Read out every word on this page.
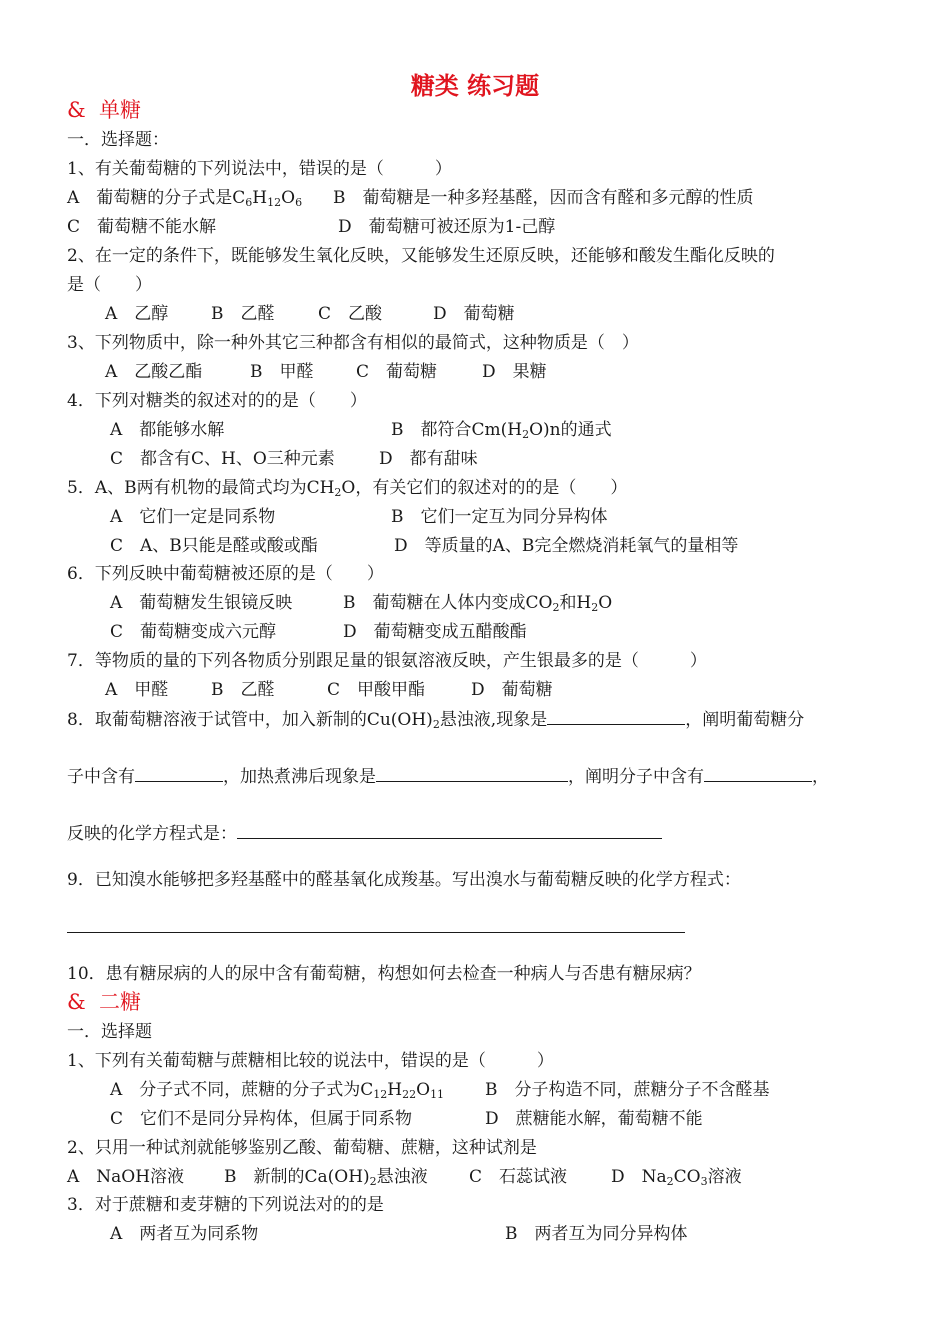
糖类 练习题
& 单糖
一．选择题：
1、有关葡萄糖的下列说法中，错误的是（　　　）
A　葡萄糖的分子式是$C_6H_{12}O_6$ B　葡萄糖是一种多羟基醛，因而含有醛和多元醇的性质
C　葡萄糖不能水解	D　葡萄糖可被还原为1-己醇
2、在一定的条件下，既能够发生氧化反映，又能够发生还原反映，还能够和酸发生酯化反映的
是（　　）
A　乙醇	B　乙醛	C　乙酸	D　葡萄糖
3、下列物质中，除一种外其它三种都含有相似的最简式，这种物质是（　）
A　乙酸乙酯	B　甲醛	C　葡萄糖	D　果糖
4．下列对糖类的叙述对的的是（　　）
A　都能够水解	B　都符合$Cm(H_2O)n$的通式
C　都含有C、H、O三种元素	D　都有甜味
5．A、B两有机物的最简式均为$CH_2O$，有关它们的叙述对的的是（　　）
A　它们一定是同系物	B　它们一定互为同分异构体
C　A、B只能是醛或酸或酯	D　等质量的A、B完全燃烧消耗氧气的量相等
6．下列反映中葡萄糖被还原的是（　　）
A　葡萄糖发生银镜反映	B　葡萄糖在人体内变成$CO_2$和$H_2O$
C　葡萄糖变成六元醇	D　葡萄糖变成五醋酸酯
7．等物质的量的下列各物质分别跟足量的银氨溶液反映，产生银最多的是（　　　）
A　甲醛	B　乙醛	C　甲酸甲酯	D　葡萄糖
8．取葡萄糖溶液于试管中，加入新制的$Cu(OH)_2$悬浊液,现象是	，阐明葡萄糖分
子中含有	，加热煮沸后现象是	，阐明分子中含有	，
反映的化学方程式是：
9．已知溴水能够把多羟基醛中的醛基氧化成羧基。写出溴水与葡萄糖反映的化学方程式：
10．患有糖尿病的人的尿中含有葡萄糖，构想如何去检查一种病人与否患有糖尿病？
& 二糖
一．选择题
1、下列有关葡萄糖与蔗糖相比较的说法中，错误的是（　　　）
A　分子式不同，蔗糖的分子式为$C_{12}H_{22}O_{11}$ B　分子构造不同，蔗糖分子不含醛基
C　它们不是同分异构体，但属于同系物	D　蔗糖能水解，葡萄糖不能
2、只用一种试剂就能够鉴别乙酸、葡萄糖、蔗糖，这种试剂是
A　NaOH溶液 B　新制的$Ca(OH)_2$悬浊液 C　石蕊试液	D　$Na_2CO_3$溶液
3．对于蔗糖和麦芽糖的下列说法对的的是
A　两者互为同系物	B　两者互为同分异构体
